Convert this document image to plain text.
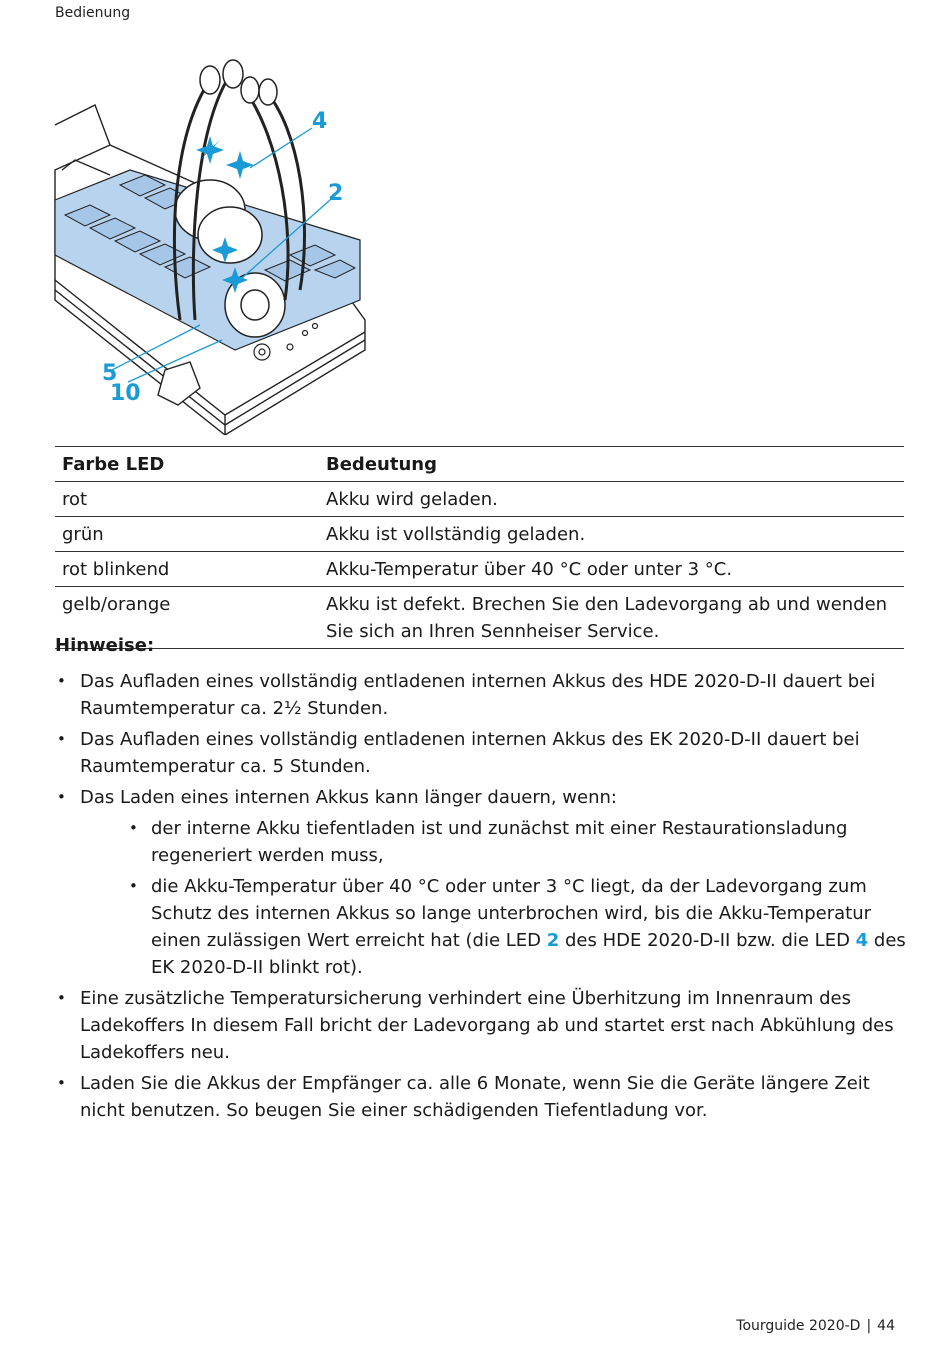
Bedienung
4
2
5
10
Farbe LED	Bedeutung
rot	Akku wird geladen.
grün	Akku ist vollständig geladen.
rot blinkend	Akku-Temperatur über 40 °C oder unter 3 °C.
gelb/orange	Akku ist defekt. Brechen Sie den Ladevorgang ab und wenden Sie sich an Ihren Sennheiser Service.
Hinweise:
• Das Aufladen eines vollständig entladenen internen Akkus des HDE 2020-D-II dauert bei Raumtemperatur ca. 2½ Stunden.
• Das Aufladen eines vollständig entladenen internen Akkus des EK 2020-D-II dauert bei Raumtemperatur ca. 5 Stunden.
• Das Laden eines internen Akkus kann länger dauern, wenn:
• der interne Akku tiefentladen ist und zunächst mit einer Restaurationsladung regeneriert werden muss,
• die Akku-Temperatur über 40 °C oder unter 3 °C liegt, da der Ladevorgang zum Schutz des internen Akkus so lange unterbrochen wird, bis die Akku-Temperatur einen zulässigen Wert erreicht hat (die LED 2 des HDE 2020-D-II bzw. die LED 4 des EK 2020-D-II blinkt rot).
• Eine zusätzliche Temperatursicherung verhindert eine Überhitzung im Innenraum des Ladekoffers In diesem Fall bricht der Ladevorgang ab und startet erst nach Abkühlung des Ladekoffers neu.
• Laden Sie die Akkus der Empfänger ca. alle 6 Monate, wenn Sie die Geräte längere Zeit nicht benutzen. So beugen Sie einer schädigenden Tiefentladung vor.
Tourguide 2020-D | 44
